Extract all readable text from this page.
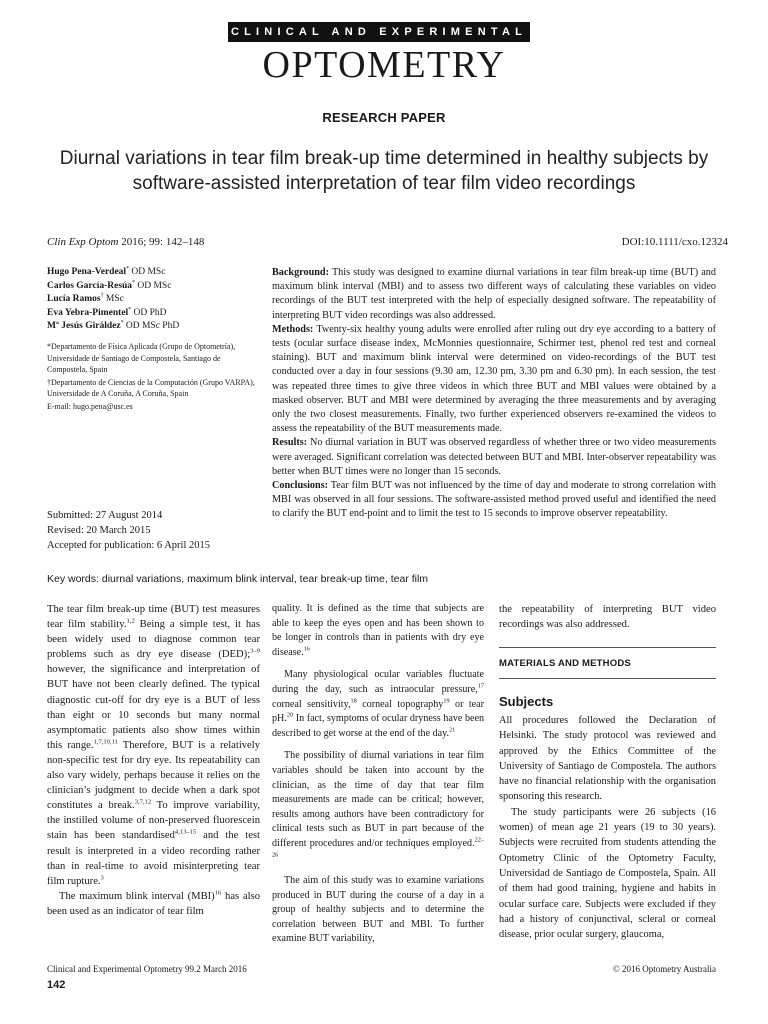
CLINICAL AND EXPERIMENTAL
OPTOMETRY
RESEARCH PAPER
Diurnal variations in tear film break-up time determined in healthy subjects by software-assisted interpretation of tear film video recordings
Clin Exp Optom 2016; 99: 142–148	DOI:10.1111/cxo.12324
Hugo Pena-Verdeal* OD MSc
Carlos García-Resúa* OD MSc
Lucía Ramos† MSc
Eva Yebra-Pimentel* OD PhD
Mª Jesús Giráldez* OD MSc PhD
*Departamento de Física Aplicada (Grupo de Optometría), Universidade de Santiago de Compostela, Santiago de Compostela, Spain
†Departamento de Ciencias de la Computación (Grupo VARPA), Universidade de A Coruña, A Coruña, Spain
E-mail: hugo.pena@usc.es
Submitted: 27 August 2014
Revised: 20 March 2015
Accepted for publication: 6 April 2015

Background: This study was designed to examine diurnal variations in tear film break-up time (BUT) and maximum blink interval (MBI) and to assess two different ways of calculating these variables on video recordings of the BUT test interpreted with the help of especially designed software. The repeatability of interpreting BUT video recordings was also addressed.

Methods: Twenty-six healthy young adults were enrolled after ruling out dry eye according to a battery of tests (ocular surface disease index, McMonnies questionnaire, Schirmer test, phenol red test and corneal staining). BUT and maximum blink interval were determined on video-recordings of the BUT test conducted over a day in four sessions (9.30 am, 12.30 pm, 3.30 pm and 6.30 pm). In each session, the test was repeated three times to give three videos in which three BUT and MBI values were obtained by a masked observer. BUT and MBI were determined by averaging the three measurements and by averaging only the two closest measurements. Finally, two further experienced observers re-examined the videos to assess the repeatability of the BUT measurements made.

Results: No diurnal variation in BUT was observed regardless of whether three or two video measurements were averaged. Significant correlation was detected between BUT and MBI. Inter-observer repeatability was better when BUT times were no longer than 15 seconds.

Conclusions: Tear film BUT was not influenced by the time of day and moderate to strong correlation with MBI was observed in all four sessions. The software-assisted method proved useful and identified the need to clarify the BUT end-point and to limit the test to 15 seconds to improve observer repeatability.

Key words: diurnal variations, maximum blink interval, tear break-up time, tear film

The tear film break-up time (BUT) test measures tear film stability.$^{1,2}$ Being a simple test, it has been widely used to diagnose common tear problems such as dry eye disease (DED);$^{3-9}$ however, the significance and interpretation of BUT have not been clearly defined. The typical diagnostic cut-off for dry eye is a BUT of less than eight or 10 seconds but many normal asymptomatic patients also show times within this range.$^{1,7,10,11}$ Therefore, BUT is a relatively non-specific test for dry eye. Its repeatability can also vary widely, perhaps because it relies on the clinician’s judgment to decide when a dark spot constitutes a break.$^{3,7,12}$ To improve variability, the instilled volume of non-preserved fluorescein stain has been standardised$^{4,13-15}$ and the test result is interpreted in a video recording rather than in real-time to avoid misinterpreting tear film rupture.$^3$

The maximum blink interval (MBI)$^{16}$ has also been used as an indicator of tear film

quality. It is defined as the time that subjects are able to keep the eyes open and has been shown to be longer in controls than in patients with dry eye disease.$^{16}$

Many physiological ocular variables fluctuate during the day, such as intraocular pressure,$^{17}$ corneal sensitivity,$^{18}$ corneal topography$^{19}$ or tear pH.$^{20}$ In fact, symptoms of ocular dryness have been described to get worse at the end of the day.$^{21}$

The possibility of diurnal variations in tear film variables should be taken into account by the clinician, as the time of day that tear film measurements are made can be critical; however, results among authors have been contradictory for clinical tests such as BUT in part because of the different procedures and/or techniques employed.$^{22-26}$

The aim of this study was to examine variations produced in BUT during the course of a day in a group of healthy subjects and to determine the correlation between BUT and MBI. To further examine BUT variability,

the repeatability of interpreting BUT video recordings was also addressed.

MATERIALS AND METHODS
Subjects

All procedures followed the Declaration of Helsinki. The study protocol was reviewed and approved by the Ethics Committee of the University of Santiago de Compostela. The authors have no financial relationship with the organisation sponsoring this research.

The study participants were 26 subjects (16 women) of mean age 21 years (19 to 30 years). Subjects were recruited from students attending the Optometry Clinic of the Optometry Faculty, Universidad de Santiago de Compostela, Spain. All of them had good training, hygiene and habits in ocular surface care. Subjects were excluded if they had a history of conjunctival, scleral or corneal disease, prior ocular surgery, glaucoma,

Clinical and Experimental Optometry 99.2 March 2016	© 2016 Optometry Australia
142
